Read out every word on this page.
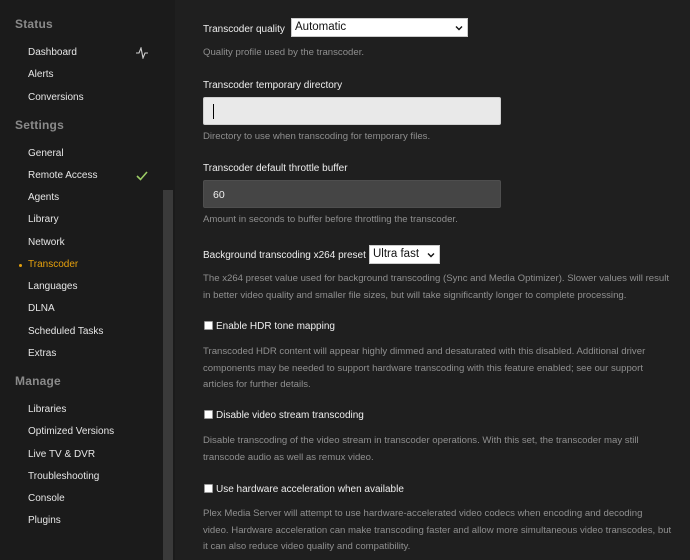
Status
Dashboard
Alerts
Conversions
Settings
General
Remote Access
Agents
Library
Network
Transcoder
Languages
DLNA
Scheduled Tasks
Extras
Manage
Libraries
Optimized Versions
Live TV & DVR
Troubleshooting
Console
Plugins
Transcoder quality Automatic
Quality profile used by the transcoder.
Transcoder temporary directory
Directory to use when transcoding for temporary files.
Transcoder default throttle buffer
60
Amount in seconds to buffer before throttling the transcoder.
Background transcoding x264 preset Ultra fast
The x264 preset value used for background transcoding (Sync and Media Optimizer). Slower values will result
in better video quality and smaller file sizes, but will take significantly longer to complete processing.
Enable HDR tone mapping
Transcoded HDR content will appear highly dimmed and desaturated with this disabled. Additional driver
components may be needed to support hardware transcoding with this feature enabled; see our support
articles for further details.
Disable video stream transcoding
Disable transcoding of the video stream in transcoder operations. With this set, the transcoder may still
transcode audio as well as remux video.
Use hardware acceleration when available
Plex Media Server will attempt to use hardware-accelerated video codecs when encoding and decoding
video. Hardware acceleration can make transcoding faster and allow more simultaneous video transcodes, but
it can also reduce video quality and compatibility.
